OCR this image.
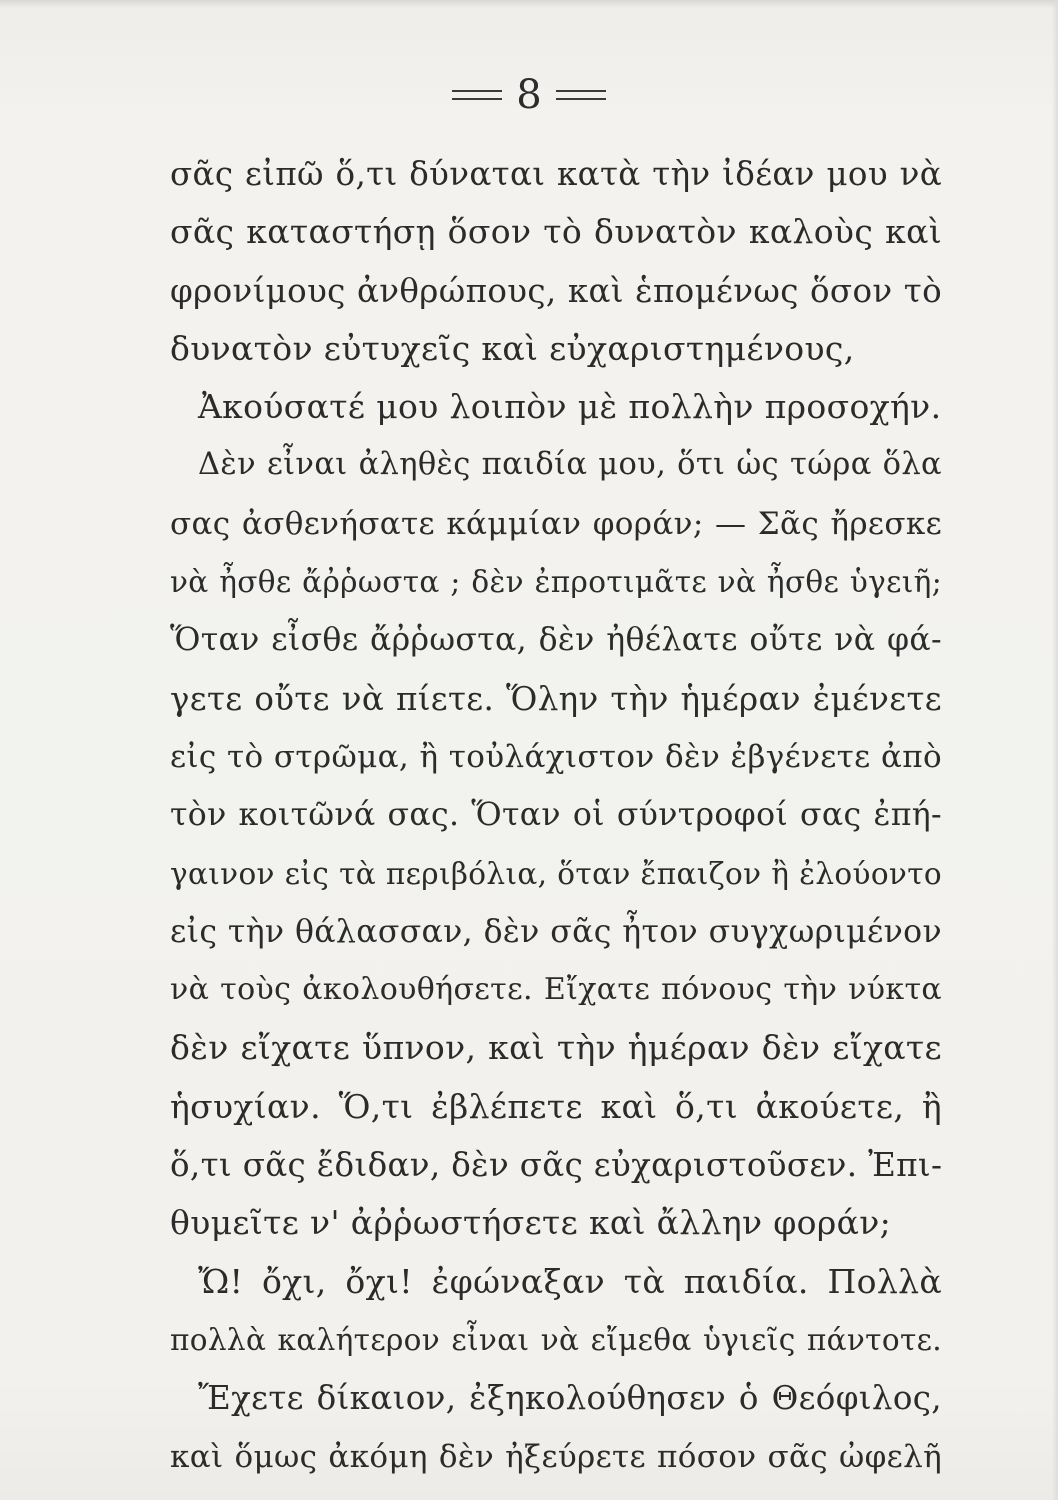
8
σᾶς εἰπῶ ὅ,τι δύναται κατὰ τὴν ἰδέαν μου νὰ
σᾶς καταστήσῃ ὅσον τὸ δυνατὸν καλοὺς καὶ
φρονίμους ἀνθρώπους, καὶ ἑπομένως ὅσον τὸ
δυνατὸν εὐτυχεῖς καὶ εὐχαριστημένους,
Ἀκούσατέ μου λοιπὸν μὲ πολλὴν προσοχήν.
Δὲν εἶναι ἀληθὲς παιδία μου, ὅτι ὡς τώρα ὅλα
σας ἀσθενήσατε κάμμίαν φοράν; — Σᾶς ἤρεσκε
νὰ ἦσθε ἄῤῥωστα ; δὲν ἐπροτιμᾶτε νὰ ἦσθε ὑγειῆ;
Ὅταν εἶσθε ἄῤῥωστα, δὲν ἠθέλατε οὔτε νὰ φά-
γετε οὔτε νὰ πίετε. Ὅλην τὴν ἡμέραν ἐμένετε
εἰς τὸ στρῶμα, ἢ τοὐλάχιστον δὲν ἐβγένετε ἀπὸ
τὸν κοιτῶνά σας. Ὅταν οἱ σύντροφοί σας ἐπή-
γαινον εἰς τὰ περιβόλια, ὅταν ἔπαιζον ἢ ἐλούοντο
εἰς τὴν θάλασσαν, δὲν σᾶς ἦτον συγχωριμένον
νὰ τοὺς ἀκολουθήσετε. Εἴχατε πόνους τὴν νύκτα
δὲν εἴχατε ὕπνον, καὶ τὴν ἡμέραν δὲν εἴχατε
ἡσυχίαν. Ὅ,τι ἐβλέπετε καὶ ὅ,τι ἀκούετε, ἢ
ὅ,τι σᾶς ἔδιδαν, δὲν σᾶς εὐχαριστοῦσεν. Ἐπι-
θυμεῖτε ν' ἀῤῥωστήσετε καὶ ἄλλην φοράν;
Ὤ! ὄχι, ὄχι! ἐφώναξαν τὰ παιδία. Πολλὰ
πολλὰ καλήτερον εἶναι νὰ εἴμεθα ὑγιεῖς πάντοτε.
Ἔχετε δίκαιον, ἐξηκολούθησεν ὁ Θεόφιλος,
καὶ ὅμως ἀκόμη δὲν ἠξεύρετε πόσον σᾶς ὠφελῆ
